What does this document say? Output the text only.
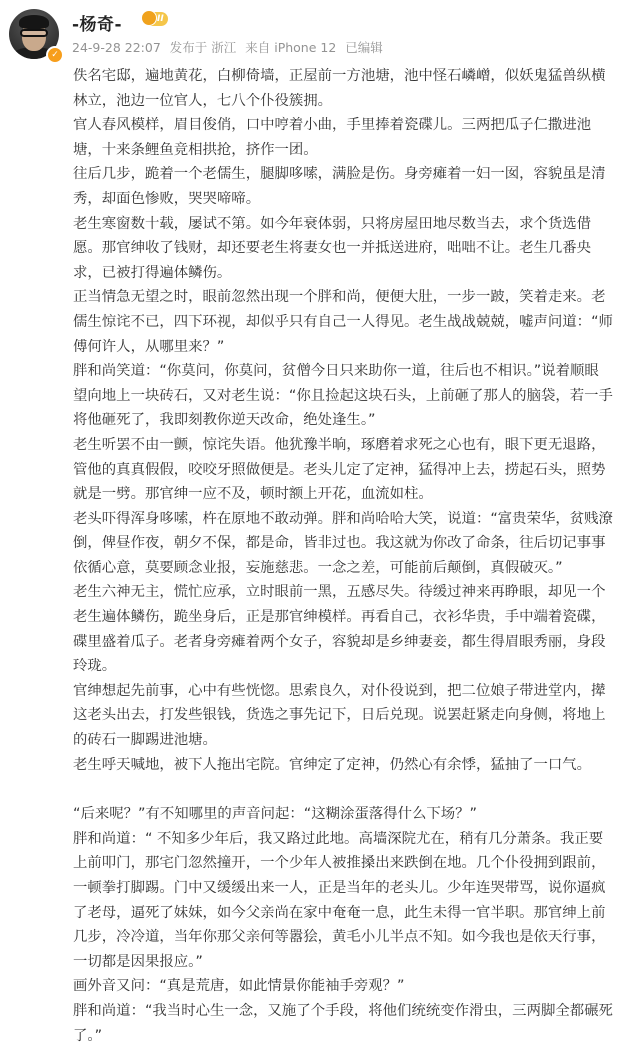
✓
-杨奇-	II
24-9-28 22:07 发布于 浙江 来自 iPhone 12 已编辑

佚名宅邸，遍地黄花，白柳倚墙，正屋前一方池塘，池中怪石嶙嶒，似妖鬼猛兽纵横林立，池边一位官人，七八个仆役簇拥。

官人春风模样，眉目俊俏，口中哼着小曲，手里捧着瓷碟儿。三两把瓜子仁撒进池塘，十来条鲤鱼竞相拱抢，挤作一团。

往后几步，跪着一个老儒生，腿脚哆嗦，满脸是伤。身旁瘫着一妇一囡，容貌虽是清秀，却面色惨败，哭哭啼啼。

老生寒窗数十载，屡试不第。如今年衰体弱，只将房屋田地尽数当去，求个货选借愿。那官绅收了钱财，却还要老生将妻女也一并抵送进府，咄咄不让。老生几番央求，已被打得遍体鳞伤。

正当情急无望之时，眼前忽然出现一个胖和尚，便便大肚，一步一跛，笑着走来。老儒生惊诧不已，四下环视，却似乎只有自己一人得见。老生战战兢兢，嘘声问道：“师傅何许人，从哪里来？”

胖和尚笑道：“你莫问，你莫问，贫僧今日只来助你一道，往后也不相识。”说着顺眼望向地上一块砖石，又对老生说：“你且捡起这块石头，上前砸了那人的脑袋，若一手将他砸死了，我即刻教你逆天改命，绝处逢生。”

老生听罢不由一颤，惊诧失语。他犹豫半晌，琢磨着求死之心也有，眼下更无退路，管他的真真假假，咬咬牙照做便是。老头儿定了定神，猛得冲上去，捞起石头，照势就是一劈。那官绅一应不及，顿时额上开花，血流如柱。

老头吓得浑身哆嗦，杵在原地不敢动弹。胖和尚哈哈大笑，说道：“富贵荣华，贫贱潦倒，俾昼作夜，朝夕不保，都是命，皆非过也。我这就为你改了命条，往后切记事事依循心意，莫要顾念业报，妄施慈悲。一念之差，可能前后颠倒，真假破灭。”

老生六神无主，慌忙应承，立时眼前一黑，五感尽失。待缓过神来再睁眼，却见一个老生遍体鳞伤，跪坐身后，正是那官绅模样。再看自己，衣衫华贵，手中端着瓷碟，碟里盛着瓜子。老者身旁瘫着两个女子，容貌却是乡绅妻妾，都生得眉眼秀丽，身段玲珑。

官绅想起先前事，心中有些恍惚。思索良久，对仆役说到，把二位娘子带进堂内，撵这老头出去，打发些银钱，货选之事先记下，日后兑现。说罢赶紧走向身侧，将地上的砖石一脚踢进池塘。

老生呼天喊地，被下人拖出宅院。官绅定了定神，仍然心有余悸，猛抽了一口气。

“后来呢？”有不知哪里的声音问起：“这糊涂蛋落得什么下场？”

胖和尚道：“ 不知多少年后，我又路过此地。高墙深院尤在，稍有几分萧条。我正要上前叩门，那宅门忽然撞开，一个少年人被推搡出来跌倒在地。几个仆役拥到跟前，一顿拳打脚踢。门中又缓缓出来一人，正是当年的老头儿。少年连哭带骂，说你逼疯了老母，逼死了妹妹，如今父亲尚在家中奄奄一息，此生未得一官半职。那官绅上前几步，冷冷道，当年你那父亲何等嚣狯，黄毛小儿半点不知。如今我也是依天行事，一切都是因果报应。”

画外音又问：“真是荒唐，如此情景你能袖手旁观？”

胖和尚道：“我当时心生一念，又施了个手段，将他们统统变作滑虫，三两脚全都碾死了。”
